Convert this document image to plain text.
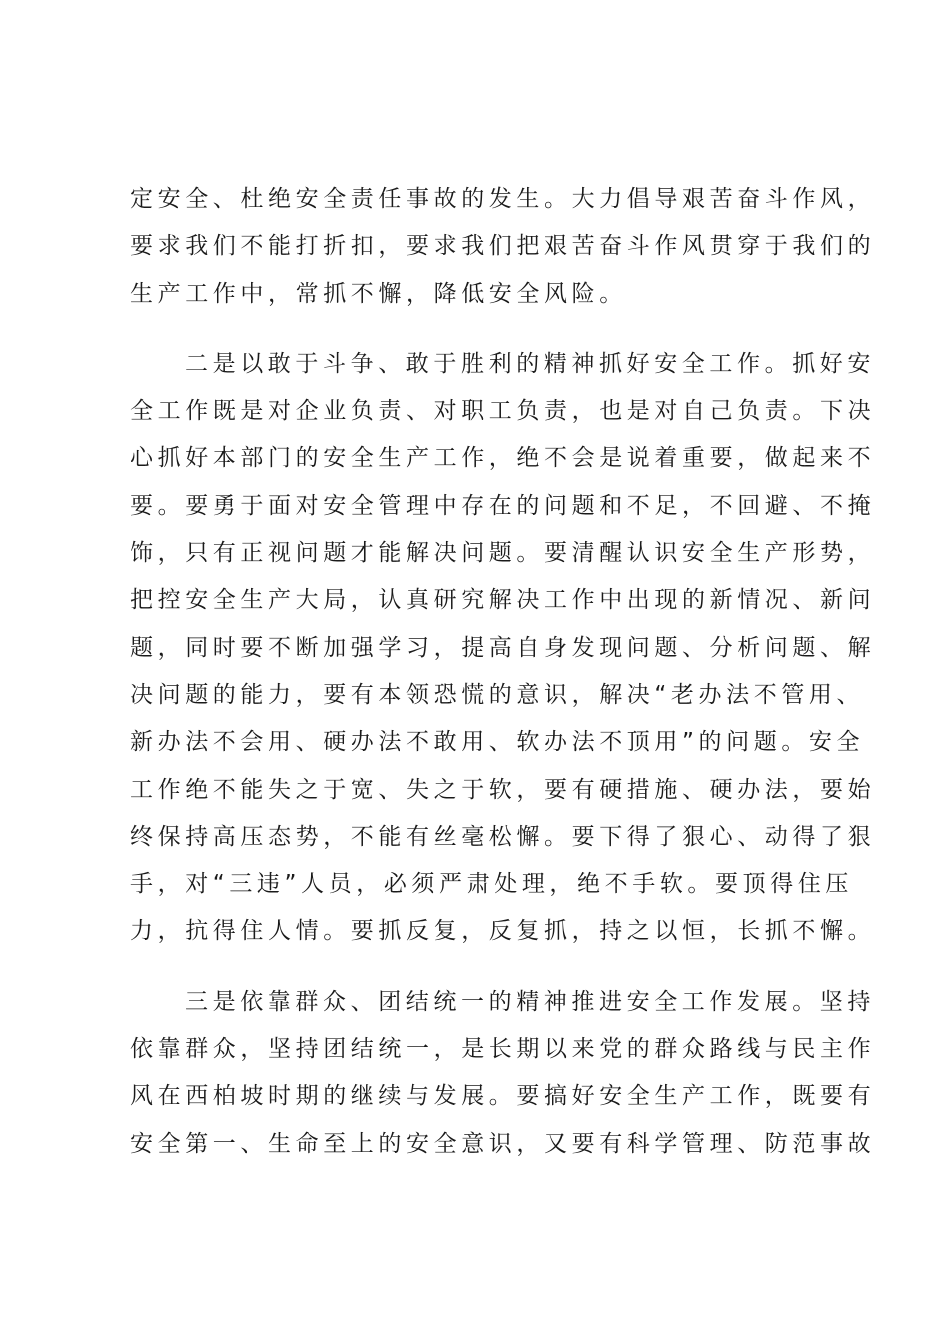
定安全、杜绝安全责任事故的发生。大力倡导艰苦奋斗作风，
要求我们不能打折扣，要求我们把艰苦奋斗作风贯穿于我们的
生产工作中，常抓不懈，降低安全风险。
二是以敢于斗争、敢于胜利的精神抓好安全工作。抓好安
全工作既是对企业负责、对职工负责，也是对自己负责。下决
心抓好本部门的安全生产工作，绝不会是说着重要，做起来不
要。要勇于面对安全管理中存在的问题和不足，不回避、不掩
饰，只有正视问题才能解决问题。要清醒认识安全生产形势，
把控安全生产大局，认真研究解决工作中出现的新情况、新问
题，同时要不断加强学习，提高自身发现问题、分析问题、解
决问题的能力，要有本领恐慌的意识，解决“老办法不管用、
新办法不会用、硬办法不敢用、软办法不顶用”的问题。安全
工作绝不能失之于宽、失之于软，要有硬措施、硬办法，要始
终保持高压态势，不能有丝毫松懈。要下得了狠心、动得了狠
手，对“三违”人员，必须严肃处理，绝不手软。要顶得住压
力，抗得住人情。要抓反复，反复抓，持之以恒，长抓不懈。
三是依靠群众、团结统一的精神推进安全工作发展。坚持
依靠群众，坚持团结统一，是长期以来党的群众路线与民主作
风在西柏坡时期的继续与发展。要搞好安全生产工作，既要有
安全第一、生命至上的安全意识，又要有科学管理、防范事故
